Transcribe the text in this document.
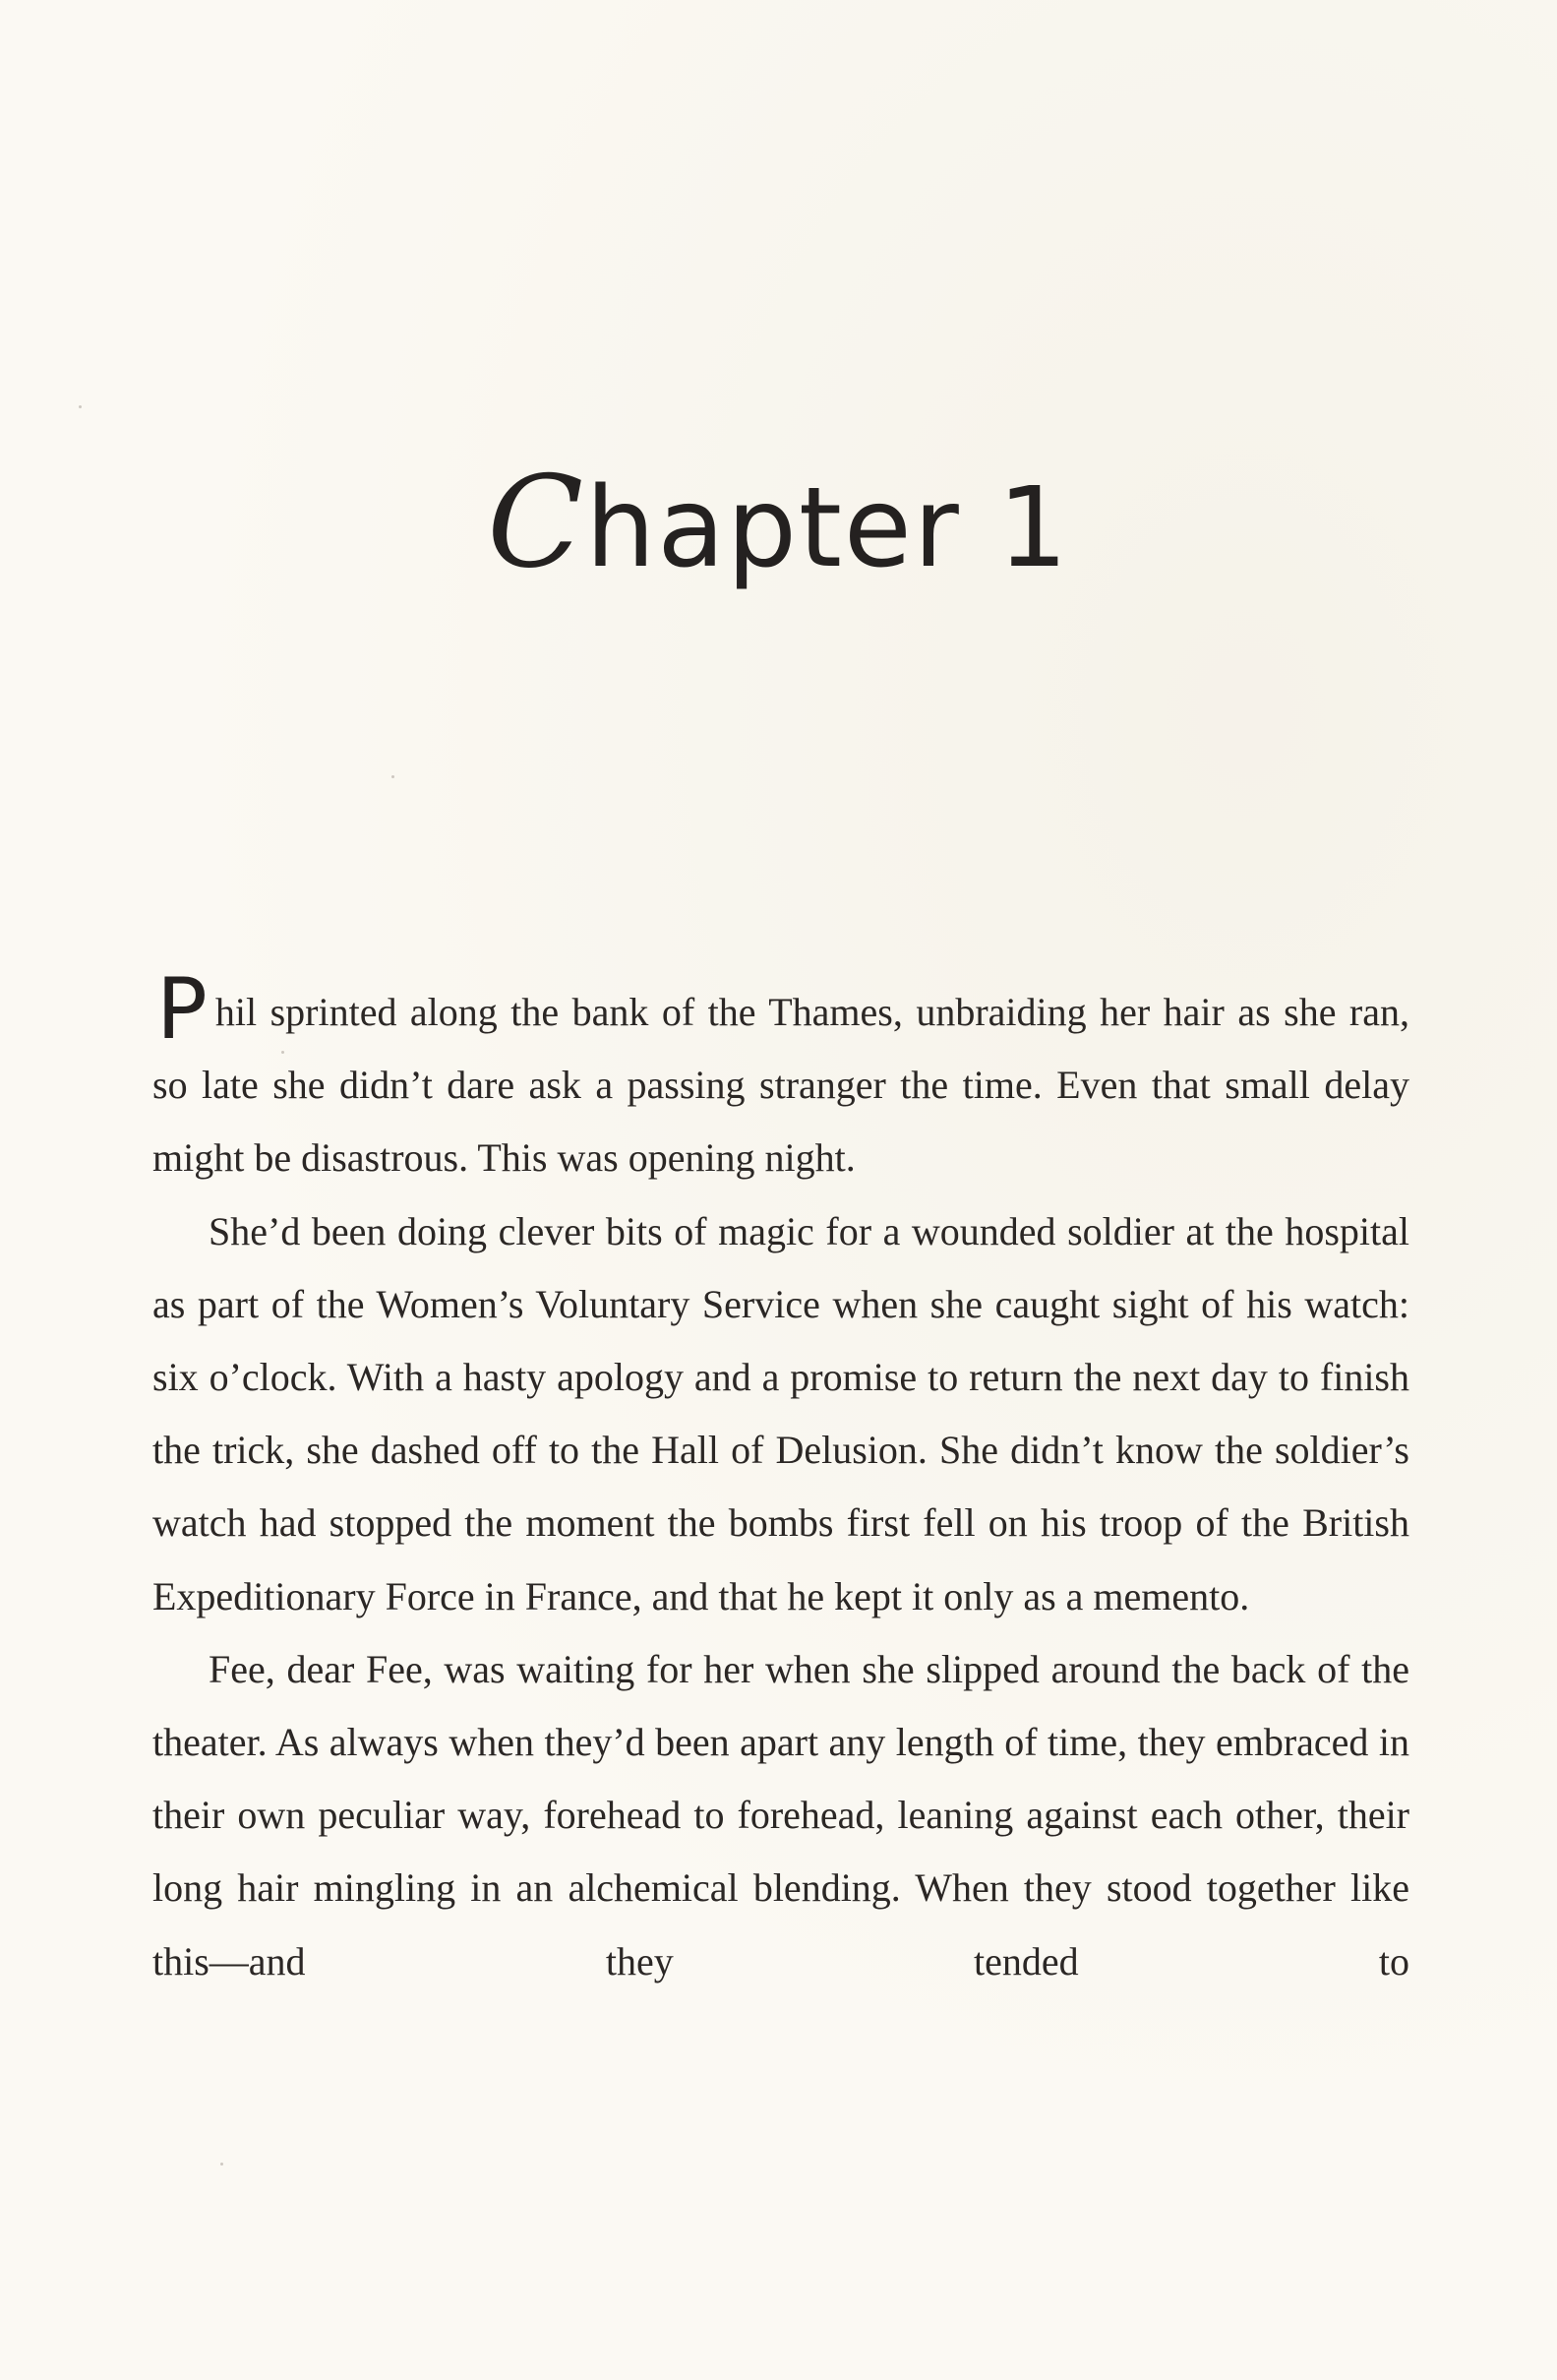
Chapter 1

Phil sprinted along the bank of the Thames, unbraiding her hair as she ran, so late she didn’t dare ask a passing stranger the time. Even that small delay might be disastrous. This was opening night.

She’d been doing clever bits of magic for a wounded soldier at the hospital as part of the Women’s Voluntary Service when she caught sight of his watch: six o’clock. With a hasty apology and a promise to return the next day to finish the trick, she dashed off to the Hall of Delusion. She didn’t know the soldier’s watch had stopped the moment the bombs first fell on his troop of the British Expeditionary Force in France, and that he kept it only as a memento.

Fee, dear Fee, was waiting for her when she slipped around the back of the theater. As always when they’d been apart any length of time, they embraced in their own peculiar way, forehead to forehead, leaning against each other, their long hair mingling in an alchemical blending. When they stood together like this—and they tended to
